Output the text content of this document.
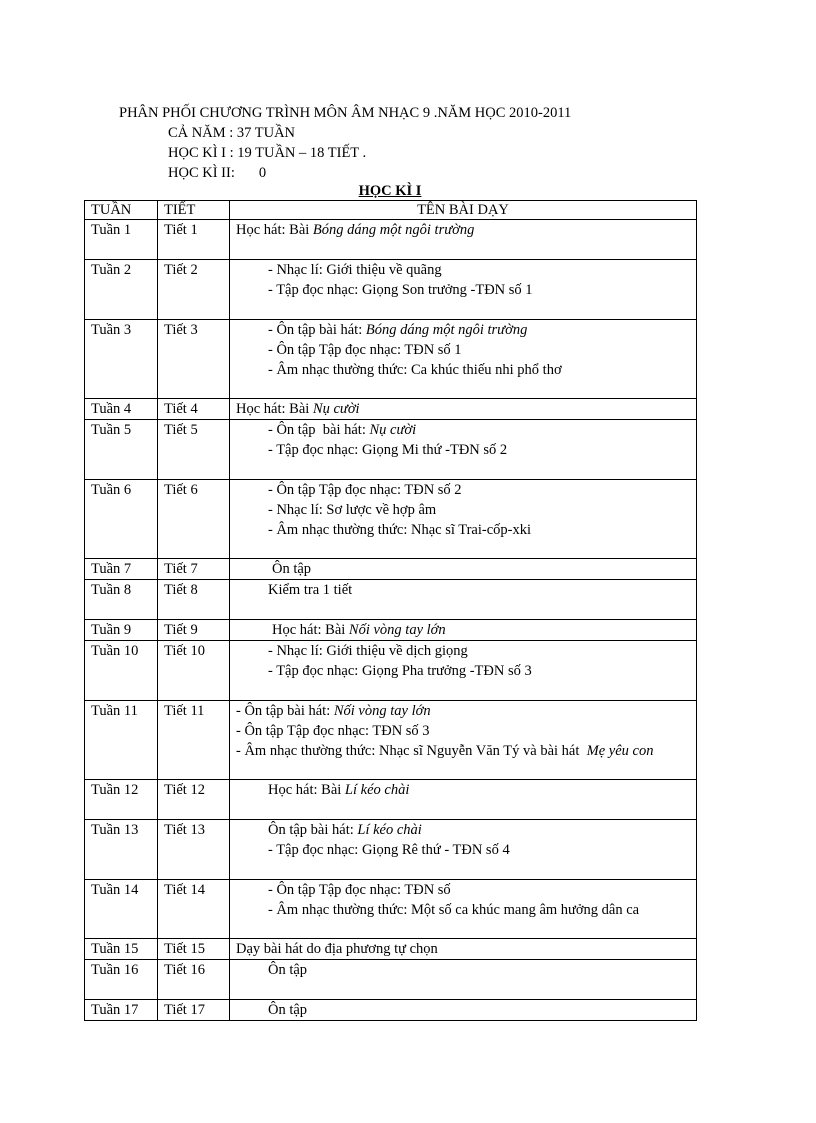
PHÂN PHỐI CHƯƠNG TRÌNH MÔN ÂM NHẠC 9 .NĂM HỌC 2010-2011
CẢ NĂM : 37 TUẦN
HỌC KÌ I : 19 TUẦN – 18 TIẾT .
HỌC KÌ II: 0
HỌC KÌ I
TUẦN	TIẾT	TÊN BÀI DẠY
Tuần 1	Tiết 1	Học hát: Bài Bóng dáng một ngôi trường

Tuần 2	Tiết 2	- Nhạc lí: Giới thiệu về quãng
- Tập đọc nhạc: Giọng Son trưởng -TĐN số 1

Tuần 3	Tiết 3	- Ôn tập bài hát: Bóng dáng một ngôi trường
- Ôn tập Tập đọc nhạc: TĐN số 1
- Âm nhạc thường thức: Ca khúc thiếu nhi phổ thơ

Tuần 4	Tiết 4	Học hát: Bài Nụ cười

Tuần 5	Tiết 5	- Ôn tập  bài hát: Nụ cười
- Tập đọc nhạc: Giọng Mi thứ -TĐN số 2

Tuần 6	Tiết 6	- Ôn tập Tập đọc nhạc: TĐN số 2
- Nhạc lí: Sơ lược về hợp âm
- Âm nhạc thường thức: Nhạc sĩ Trai-cốp-xki

Tuần 7	Tiết 7	Ôn tập

Tuần 8	Tiết 8	Kiểm tra 1 tiết

Tuần 9	Tiết 9	Học hát: Bài Nối vòng tay lớn

Tuần 10	Tiết 10	- Nhạc lí: Giới thiệu về dịch giọng
- Tập đọc nhạc: Giọng Pha trưởng -TĐN số 3

Tuần 11	Tiết 11	- Ôn tập bài hát: Nối vòng tay lớn
- Ôn tập Tập đọc nhạc: TĐN số 3
- Âm nhạc thường thức: Nhạc sĩ Nguyễn Văn Tý và bài hát  Mẹ yêu con

Tuần 12	Tiết 12	Học hát: Bài Lí kéo chài

Tuần 13	Tiết 13	Ôn tập bài hát: Lí kéo chài
- Tập đọc nhạc: Giọng Rê thứ - TĐN số 4

Tuần 14	Tiết 14	- Ôn tập Tập đọc nhạc: TĐN số
- Âm nhạc thường thức: Một số ca khúc mang âm hưởng dân ca

Tuần 15	Tiết 15	Dạy bài hát do địa phương tự chọn

Tuần 16	Tiết 16	Ôn tập

Tuần 17	Tiết 17	Ôn tập
